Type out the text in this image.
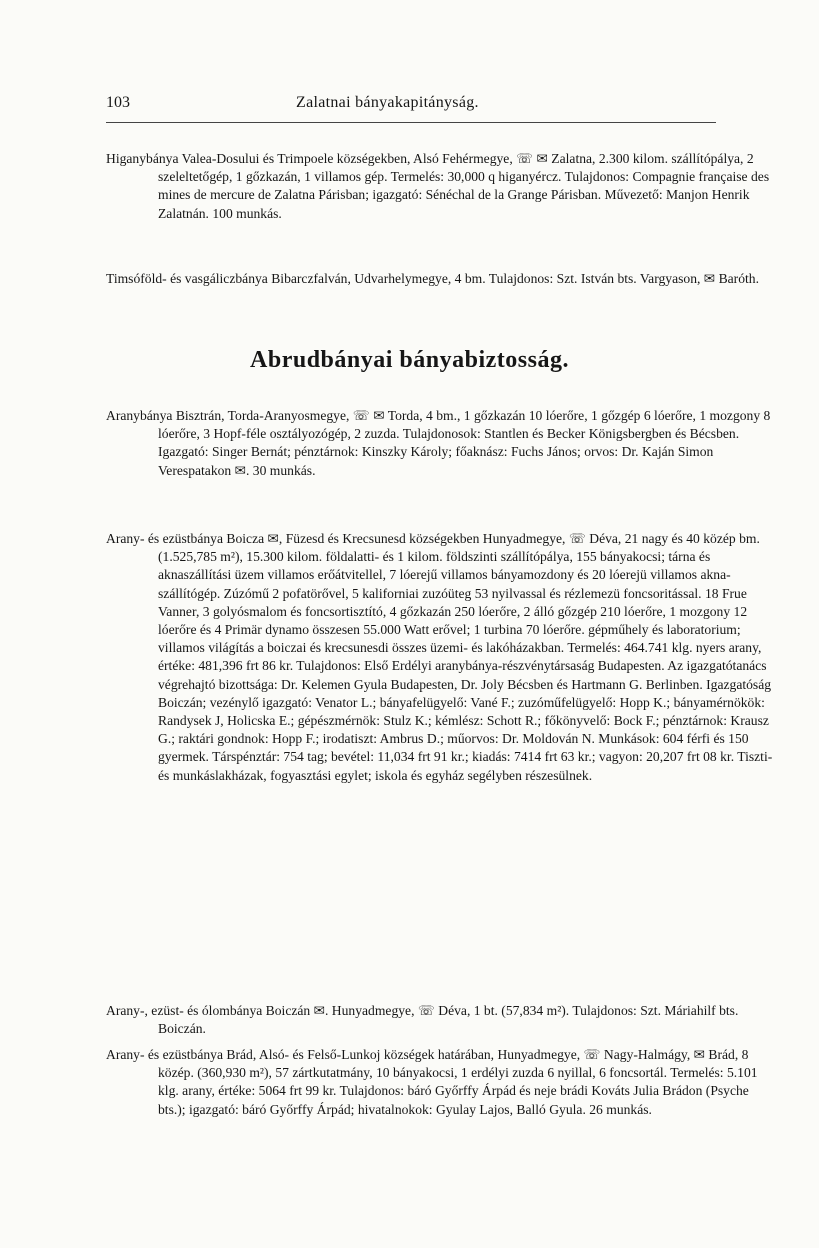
103	Zalatnai bányakapitányság.

Higanybánya Valea-Dosului és Trimpoele községekben, Alsó Fehérmegye, ☏ ✉ Zalatna, 2.300 kilom. szállítópálya, 2 szeleltetőgép, 1 gőzkazán, 1 villamos gép. Termelés: 30,000 q higanyércz. Tulajdonos: Compagnie française des mines de mercure de Zalatna Párisban; igazgató: Sénéchal de la Grange Párisban. Művezető: Manjon Henrik Zalatnán. 100 munkás.

Timsóföld- és vasgáliczbánya Bibarczfalván, Udvarhelymegye, 4 bm. Tulajdonos: Szt. István bts. Vargyason, ✉ Baróth.

Abrudbányai bányabiztosság.

Aranybánya Bisztrán, Torda-Aranyosmegye, ☏ ✉ Torda, 4 bm., 1 gőzkazán 10 lóerőre, 1 gőzgép 6 lóerőre, 1 mozgony 8 lóerőre, 3 Hopf-féle osztályozógép, 2 zuzda. Tulajdonosok: Stantlen és Becker Königsbergben és Bécsben. Igazgató: Singer Bernát; pénztárnok: Kinszky Károly; főaknász: Fuchs János; orvos: Dr. Kaján Simon Verespatakon ✉. 30 munkás.

Arany- és ezüstbánya Boicza ✉, Füzesd és Krecsunesd községekben Hunyadmegye, ☏ Déva, 21 nagy és 40 közép bm. (1.525,785 m²), 15.300 kilom. földalatti- és 1 kilom. földszinti szállítópálya, 155 bányakocsi; tárna és aknaszállítási üzem villamos erőátvitellel, 7 lóerejű villamos bányamozdony és 20 lóerejü villamos akna-szállítógép. Zúzómű 2 pofatörővel, 5 kaliforniai zuzóüteg 53 nyilvassal és rézlemezü foncsoritással. 18 Frue Vanner, 3 golyósmalom és foncsortisztító, 4 gőzkazán 250 lóerőre, 2 álló gőzgép 210 lóerőre, 1 mozgony 12 lóerőre és 4 Primär dynamo összesen 55.000 Watt erővel; 1 turbina 70 lóerőre. gépműhely és laboratorium; villamos világítás a boiczai és krecsunesdi összes üzemi- és lakóházakban. Termelés: 464.741 klg. nyers arany, értéke: 481,396 frt 86 kr. Tulajdonos: Első Erdélyi aranybánya-részvénytársaság Budapesten. Az igazgatótanács végrehajtó bizottsága: Dr. Kelemen Gyula Budapesten, Dr. Joly Bécsben és Hartmann G. Berlinben. Igazgatóság Boiczán; vezénylő igazgató: Venator L.; bányafelügyelő: Vané F.; zuzóműfelügyelő: Hopp K.; bányamérnökök: Randysek J, Holicska E.; gépészmérnök: Stulz K.; kémlész: Schott R.; főkönyvelő: Bock F.; pénztárnok: Krausz G.; raktári gondnok: Hopp F.; irodatiszt: Ambrus D.; műorvos: Dr. Moldován N. Munkások: 604 férfi és 150 gyermek. Társpénztár: 754 tag; bevétel: 11,034 frt 91 kr.; kiadás: 7414 frt 63 kr.; vagyon: 20,207 frt 08 kr. Tiszti- és munkáslakházak, fogyasztási egylet; iskola és egyház segélyben részesülnek.

Arany-, ezüst- és ólombánya Boiczán ✉. Hunyadmegye, ☏ Déva, 1 bt. (57,834 m²). Tulajdonos: Szt. Máriahilf bts. Boiczán.

Arany- és ezüstbánya Brád, Alsó- és Felső-Lunkoj községek határában, Hunyadmegye, ☏ Nagy-Halmágy, ✉ Brád, 8 közép. (360,930 m²), 57 zártkutatmány, 10 bányakocsi, 1 erdélyi zuzda 6 nyillal, 6 foncsortál. Termelés: 5.101 klg. arany, értéke: 5064 frt 99 kr. Tulajdonos: báró Győrffy Árpád és neje brádi Kováts Julia Brádon (Psyche bts.); igazgató: báró Győrffy Árpád; hivatalnokok: Gyulay Lajos, Balló Gyula. 26 munkás.
